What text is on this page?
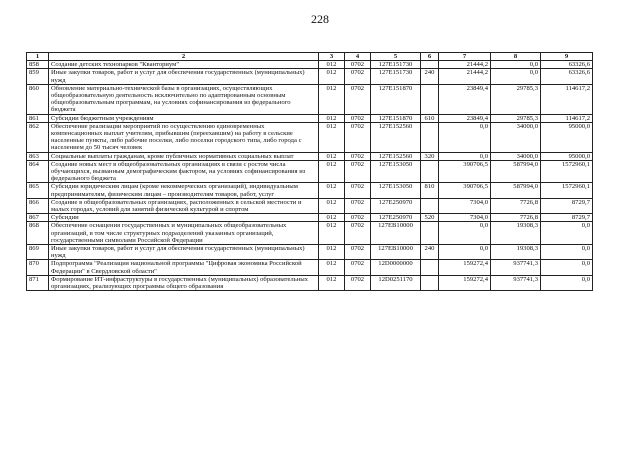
228
1	2	3	4	5	6	7	8	9
858	Создание детских технопарков "Кванториум"	012	0702	127E151730		21444,2	0,0	63326,6
859	Иные закупки товаров, работ и услуг для обеспечения государственных (муниципальных) нужд	012	0702	127E151730	240	21444,2	0,0	63326,6
860	Обновление материально-технической базы в организациях, осуществляющих общеобразовательную деятельность исключительно по адаптированным основным общеобразовательным программам, на условиях софинансирования из федерального бюджета	012	0702	127E151870		23849,4	29785,3	114617,2
861	Субсидии бюджетным учреждениям	012	0702	127E151870	610	23849,4	29785,3	114617,2
862	Обеспечение реализации мероприятий по осуществлению единовременных компенсационных выплат учителям, прибывшим (переехавшим) на работу в сельские населенные пункты, либо рабочие поселки, либо поселки городского типа, либо города с населением до 50 тысяч человек	012	0702	127E152560		0,0	34000,0	95000,0
863	Социальные выплаты гражданам, кроме публичных нормативных социальных выплат	012	0702	127E152560	320	0,0	34000,0	95000,0
864	Создание новых мест в общеобразовательных организациях в связи с ростом числа обучающихся, вызванным демографическим фактором, на условиях софинансирования из федерального бюджета	012	0702	127E153050		390706,5	587994,0	1572960,1
865	Субсидии юридическим лицам (кроме некоммерческих организаций), индивидуальным предпринимателям, физическим лицам – производителям товаров, работ, услуг	012	0702	127E153050	810	390706,5	587994,0	1572960,1
866	Создание в общеобразовательных организациях, расположенных в сельской местности и малых городах, условий для занятий физической культурой и спортом	012	0702	127E250970		7304,0	7726,8	8729,7
867	Субсидии	012	0702	127E250970	520	7304,0	7726,8	8729,7
868	Обеспечение оснащения государственных и муниципальных общеобразовательных организаций, в том числе структурных подразделений указанных организаций, государственными символами Российской Федерации	012	0702	127ЕВ10000		0,0	19308,3	0,0
869	Иные закупки товаров, работ и услуг для обеспечения государственных (муниципальных) нужд	012	0702	127ЕВ10000	240	0,0	19308,3	0,0
870	Подпрограмма "Реализация национальной программы "Цифровая экономика Российской Федерации" в Свердловской области"	012	0702	12D0000000		159272,4	937741,3	0,0
871	Формирование ИТ-инфраструктуры в государственных (муниципальных) образовательных организациях, реализующих программы общего образования	012	0702	12D0251170		159272,4	937741,3	0,0
